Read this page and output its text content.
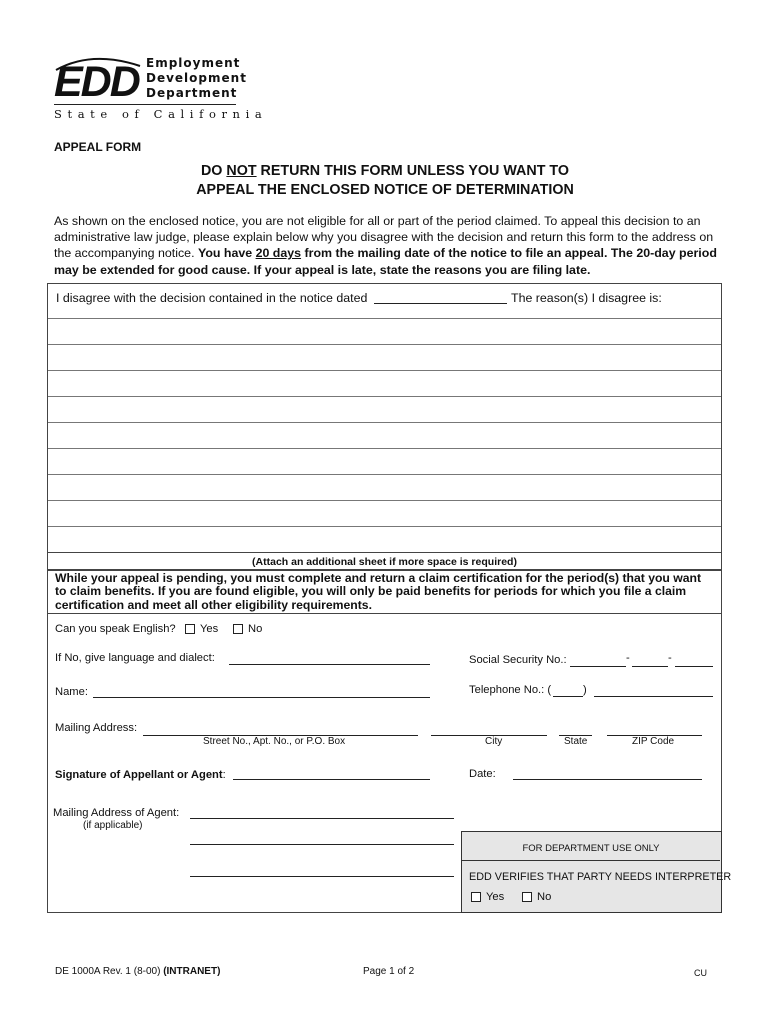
EDD Employment
Development
Department
State of California
APPEAL FORM
DO NOT RETURN THIS FORM UNLESS YOU WANT TO
APPEAL THE ENCLOSED NOTICE OF DETERMINATION
As shown on the enclosed notice, you are not eligible for all or part of the period claimed. To appeal this decision to an administrative law judge, please explain below why you disagree with the decision and return this form to the address on the accompanying notice. You have 20 days from the mailing date of the notice to file an appeal. The 20-day period may be extended for good cause. If your appeal is late, state the reasons you are filing late.
I disagree with the decision contained in the notice dated	The reason(s) I disagree is:
(Attach an additional sheet if more space is required)
While your appeal is pending, you must complete and return a claim certification for the period(s) that you want to claim benefits. If you are found eligible, you will only be paid benefits for periods for which you file a claim certification and meet all other eligibility requirements.
Can you speak English? Yes	No
If No, give language and dialect:	Social Security No.:	-	-
Name:	Telephone No.: (	)
Mailing Address:
Street No., Apt. No., or P.O. Box	City	State	ZIP Code
Signature of Appellant or Agent:	Date:
Mailing Address of Agent:
(if applicable)
FOR DEPARTMENT USE ONLY
EDD VERIFIES THAT PARTY NEEDS INTERPRETER
Yes	No
DE 1000A Rev. 1 (8-00) (INTRANET)	Page 1 of 2	CU
